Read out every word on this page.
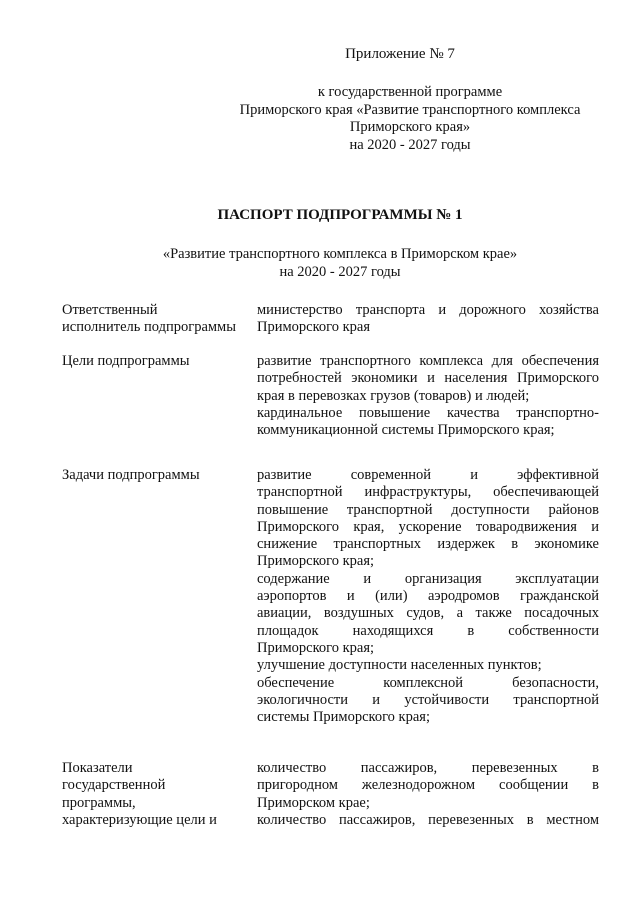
Приложение № 7
к государственной программе
Приморского края «Развитие транспортного комплекса
Приморского края»
на 2020 - 2027 годы
ПАСПОРТ ПОДПРОГРАММЫ № 1
«Развитие транспортного комплекса в Приморском крае»
на 2020 - 2027 годы
Ответственный
исполнитель подпрограммы
министерство транспорта и дорожного хозяйства
Приморского края
Цели подпрограммы	развитие транспортного комплекса для обеспечения
потребностей экономики и населения Приморского
края в перевозках грузов (товаров) и людей;
кардинальное повышение качества транспортно-
коммуникационной системы Приморского края;
Задачи подпрограммы	развитие современной и эффективной
транспортной инфраструктуры, обеспечивающей
повышение транспортной доступности районов
Приморского края, ускорение товародвижения и
снижение транспортных издержек в экономике
Приморского края;
содержание и организация эксплуатации
аэропортов и (или) аэродромов гражданской
авиации, воздушных судов, а также посадочных
площадок находящихся в собственности
Приморского края;
улучшение доступности населенных пунктов;
обеспечение комплексной безопасности,
экологичности и устойчивости транспортной
системы Приморского края;
Показатели
государственной
программы,
характеризующие цели и
количество пассажиров, перевезенных в
пригородном железнодорожном сообщении в
Приморском крае;
количество пассажиров, перевезенных в местном
